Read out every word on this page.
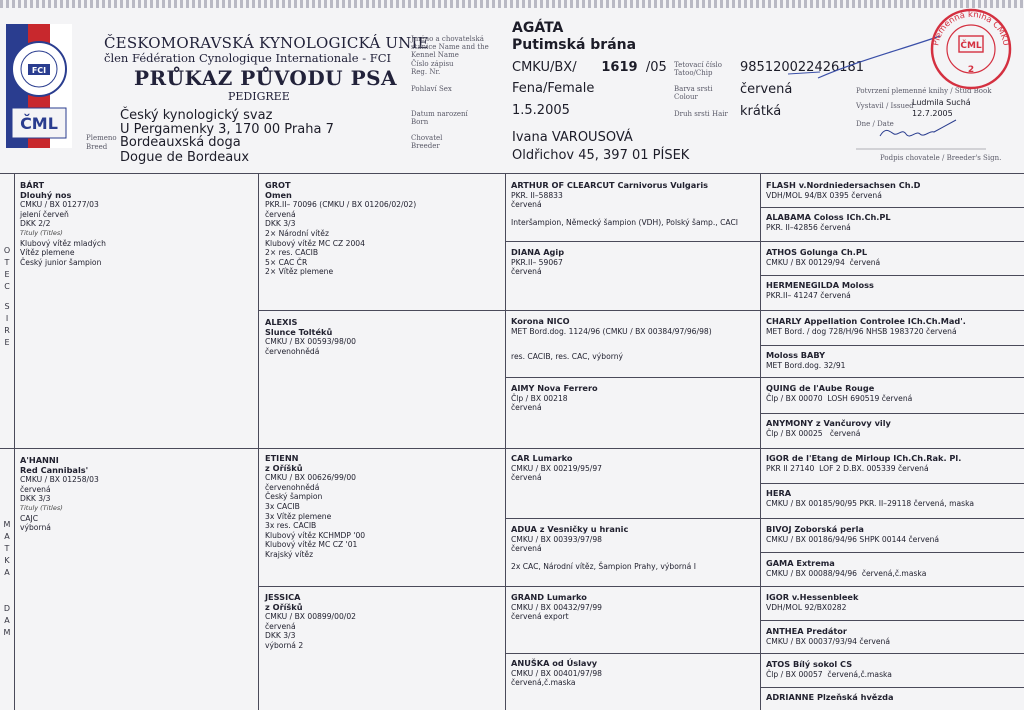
FCI
ČML
ČESKOMORAVSKÁ KYNOLOGICKÁ UNIE
člen Fédération Cynologique Internationale - FCI
PRŮKAZ PŮVODU PSA
PEDIGREE
Český kynologický svaz
U Pergamenky 3, 170 00 Praha 7
Plemeno
Breed Bordeauxská doga
Dogue de Bordeaux
Jméno a chovatelská stanice Name and the Kennel Name
Číslo zápisu Reg. Nr.
Pohlaví Sex
Datum narození Born
Chovatel Breeder
AGÁTA
Putimská brána
CMKU/BX/ 1619 /05
Fena/Female
1.5.2005
Ivana VAROUSOVÁ
Oldřichov 45, 397 01 PÍSEK
Tetovací číslo Tatoo/Chip
Barva srsti Colour
Druh srsti Hair
985120022426181
červená
krátká
Potvrzení plemenné knihy / Stud Book
Vystavil / Issued
Ludmila Suchá
12.7.2005
Dne / Date
Podpis chovatele / Breeder's Sign.
Plemenná kniha ČMKU
ČML
2
O
T
E
C
S
I
R
E
M
A
T
K
A
D
A
M
BÁRT
Dlouhý nos
CMKU / BX 01277/03
jelení červeň
DKK 2/2
Tituly (Titles)
Klubový vítěz mladých
Vítěz plemene
Český junior šampion
A'HANNI
Red Cannibals'
CMKU / BX 01258/03
červená
DKK 3/3
Tituly (Titles)
CAJC
výborná
GROT
Omen
PKR.II– 70096 (CMKU / BX 01206/02/02)
červená
DKK 3/3
2× Národní vítěz
Klubový vítěz MC CZ 2004
2× res. CACIB
5× CAC ČR
2× Vítěz plemene
ALEXIS
Slunce Toltéků
CMKU / BX 00593/98/00
červenohnědá
ETIENN
z Oříšků
CMKU / BX 00626/99/00
červenohnědá
Český šampion
3x CACIB
3x Vítěz plemene
3x res. CACIB
Klubový vítěz KCHMDP '00
Klubový vítěz MC CZ '01
Krajský vítěz
JESSICA
z Oříšků
CMKU / BX 00899/00/02
červená
DKK 3/3
výborná 2
ARTHUR OF CLEARCUT Carnivorus Vulgaris
PKR. II–58833
červená
Interšampion, Německý šampion (VDH), Polský šamp., CACI
DIANA Agip
PKR.II– 59067
červená
Korona NICO
MET Bord.dog. 1124/96 (CMKU / BX 00384/97/96/98)
res. CACIB, res. CAC, výborný
AIMY Nova Ferrero
Člp / BX 00218
červená
CAR Lumarko
CMKU / BX 00219/95/97
červená
ADUA z Vesničky u hranic
CMKU / BX 00393/97/98
červená
2x CAC, Národní vítěz, Šampion Prahy, výborná I
GRAND Lumarko
CMKU / BX 00432/97/99
červená export
ANUŠKA od Úslavy
CMKU / BX 00401/97/98
červená,č.maska
FLASH v.Nordniedersachsen Ch.D
VDH/MOL 94/BX 0395 červená
ALABAMA Coloss ICh.Ch.PL
PKR. II–42856 červená
ATHOS Golunga Ch.PL
CMKU / BX 00129/94  červená
HERMENEGILDA Moloss
PKR.II– 41247 červená
CHARLY Appellation Controlee ICh.Ch.Mad'.
MET Bord. / dog 728/H/96 NHSB 1983720 červená
Moloss BABY
MET Bord.dog. 32/91
QUING de l'Aube Rouge
Člp / BX 00070  LOSH 690519 červená
ANYMONY z Vančurovy vily
Člp / BX 00025   červená
IGOR de l'Etang de Mirloup ICh.Ch.Rak. Pl.
PKR II 27140  LOF 2 D.BX. 005339 červená
HERA
CMKU / BX 00185/90/95 PKR. II–29118 červená, maska
BIVOJ Zoborská perla
CMKU / BX 00186/94/96 SHPK 00144 červená
GAMA Extrema
CMKU / BX 00088/94/96  červená,č.maska
IGOR v.Hessenbleek
VDH/MOL 92/BX0282
ANTHEA Predátor
CMKU / BX 00037/93/94 červená
ATOS Bílý sokol CS
Člp / BX 00057  červená,č.maska
ADRIANNE Plzeňská hvězda
